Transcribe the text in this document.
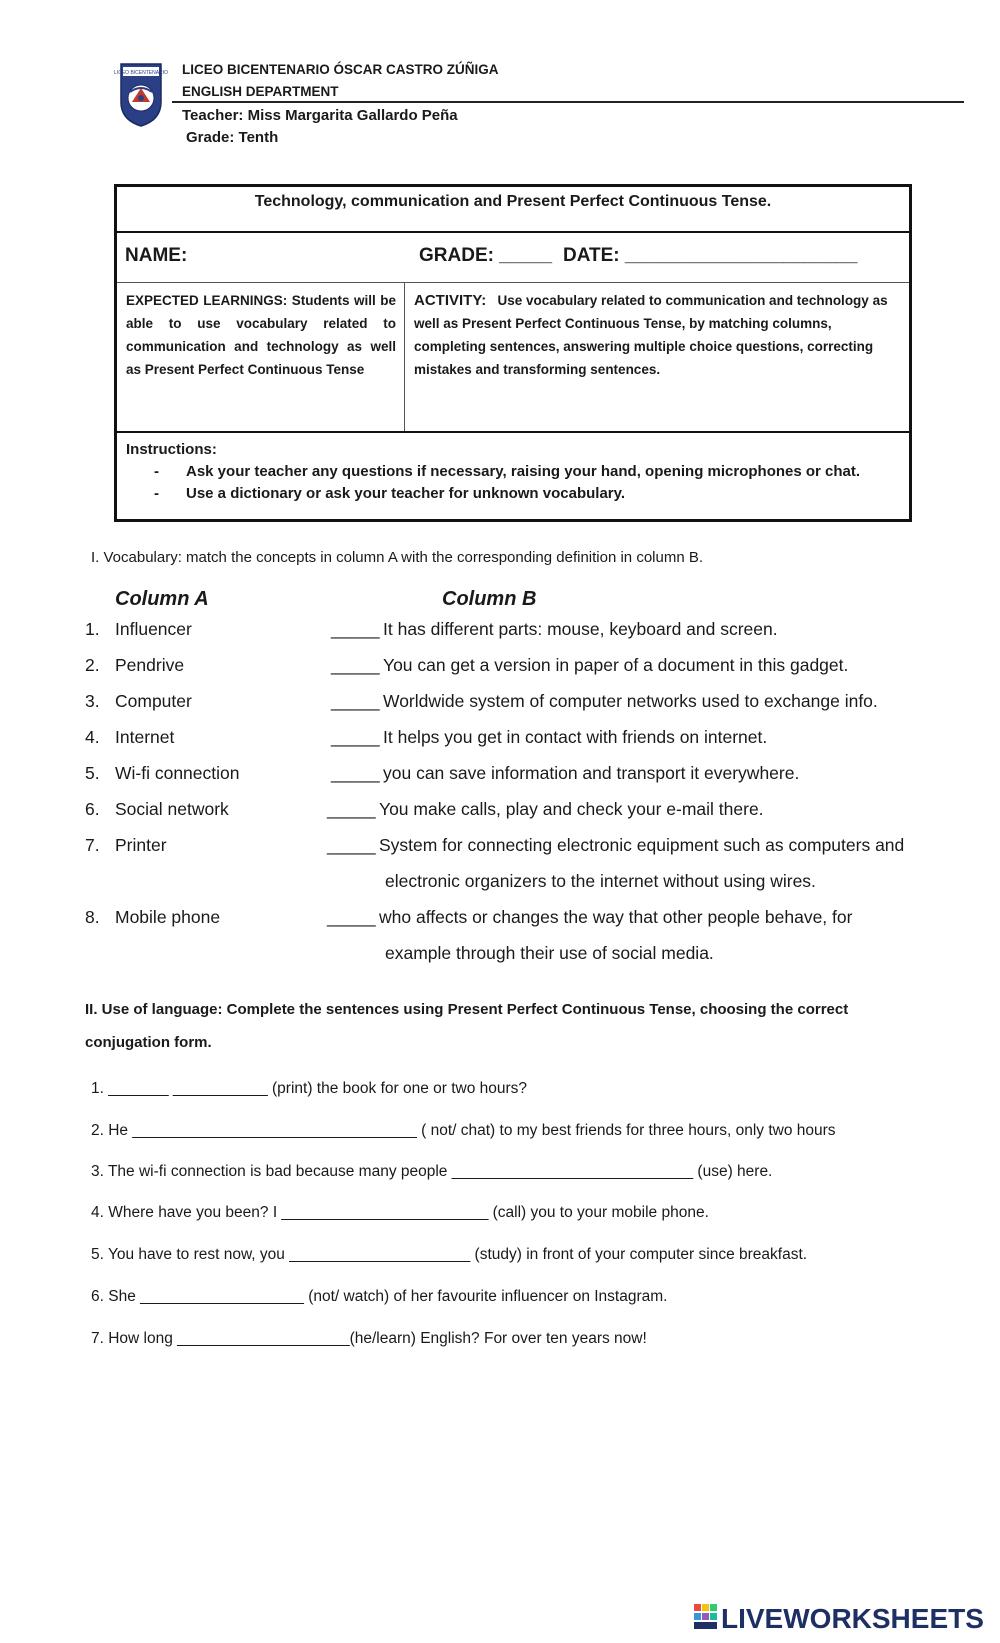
LICEO BICENTENARIO LICEO BICENTENARIO ÓSCAR CASTRO ZÚÑIGA
ENGLISH DEPARTMENT
Teacher: Miss Margarita Gallardo Peña
Grade: Tenth
Technology, communication and Present Perfect Continuous Tense.
NAME:	GRADE: _____ DATE: ______________________
EXPECTED LEARNINGS: Students will be able to use vocabulary related to communication and technology as well as Present Perfect Continuous Tense
ACTIVITY: Use vocabulary related to communication and technology as well as Present Perfect Continuous Tense, by matching columns, completing sentences, answering multiple choice questions, correcting mistakes and transforming sentences.
Instructions:
-	Ask your teacher any questions if necessary, raising your hand, opening microphones or chat.
-	Use a dictionary or ask your teacher for unknown vocabulary.
I. Vocabulary: match the concepts in column A with the corresponding definition in column B.
Column A	Column B
1. Influencer	_____ It has different parts: mouse, keyboard and screen.
2. Pendrive	_____ You can get a version in paper of a document in this gadget.
3. Computer	_____ Worldwide system of computer networks used to exchange info.
4. Internet	_____ It helps you get in contact with friends on internet.
5. Wi-fi connection	_____ you can save information and transport it everywhere.
6. Social network	_____ You make calls, play and check your e-mail there.
7. Printer	_____ System for connecting electronic equipment such as computers and
electronic organizers to the internet without using wires.
8. Mobile phone	_____ who affects or changes the way that other people behave, for
example through their use of social media.
II. Use of language: Complete the sentences using Present Perfect Continuous Tense, choosing the correct conjugation form.
1. _______ ___________ (print) the book for one or two hours?
2. He _________________________________ ( not/ chat) to my best friends for three hours, only two hours
3. The wi-fi connection is bad because many people ____________________________ (use) here.
4. Where have you been? I ________________________ (call) you to your mobile phone.
5. You have to rest now, you _____________________ (study) in front of your computer since breakfast.
6. She ___________________ (not/ watch) of her favourite influencer on Instagram.
7. How long ____________________(he/learn) English? For over ten years now!
LIVEWORKSHEETS
